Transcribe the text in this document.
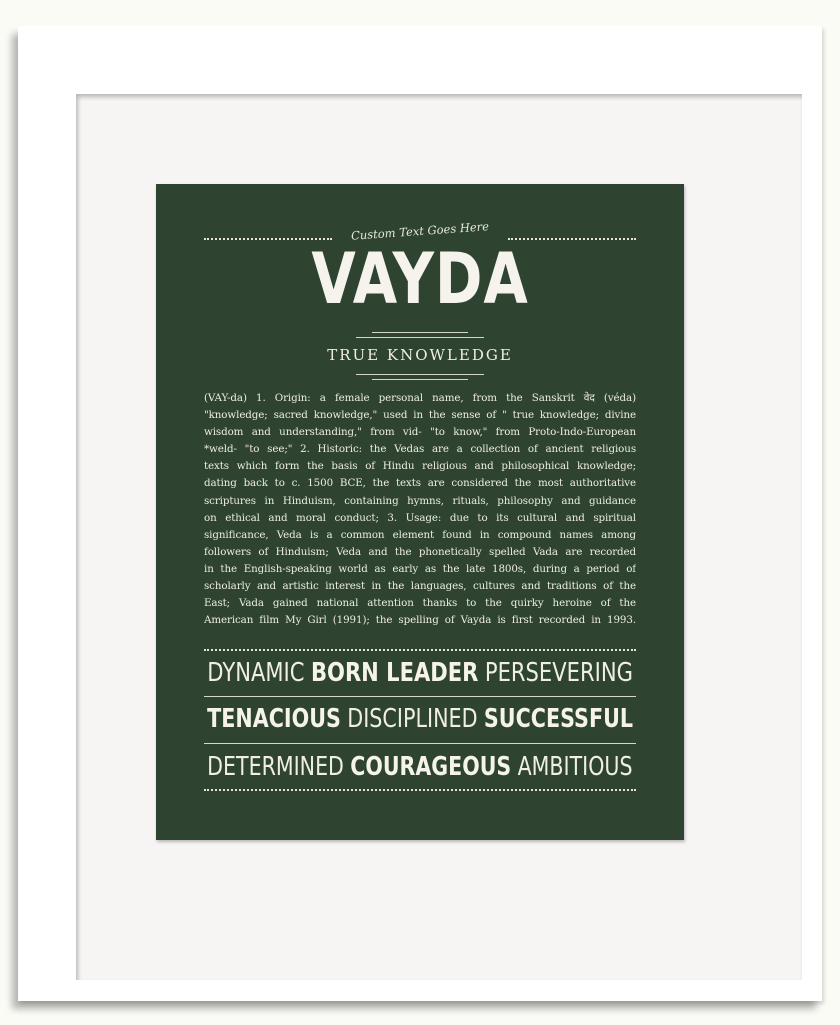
Custom Text Goes Here
VAYDA
TRUE KNOWLEDGE
(VAY-da) 1. Origin: a female personal name, from the Sanskrit वेद (véda)
"knowledge; sacred knowledge," used in the sense of " true knowledge; divine
wisdom and understanding," from vid- "to know," from Proto-Indo-European
*weld- "to see;" 2. Historic: the Vedas are a collection of ancient religious
texts which form the basis of Hindu religious and philosophical knowledge;
dating back to c. 1500 BCE, the texts are considered the most authoritative
scriptures in Hinduism, containing hymns, rituals, philosophy and guidance
on ethical and moral conduct; 3. Usage: due to its cultural and spiritual
significance, Veda is a common element found in compound names among
followers of Hinduism; Veda and the phonetically spelled Vada are recorded
in the English-speaking world as early as the late 1800s, during a period of
scholarly and artistic interest in the languages, cultures and traditions of the
East; Vada gained national attention thanks to the quirky heroine of the
American film My Girl (1991); the spelling of Vayda is first recorded in 1993.
DYNAMIC BORN LEADER PERSEVERING
TENACIOUS DISCIPLINED SUCCESSFUL
DETERMINED COURAGEOUS AMBITIOUS
